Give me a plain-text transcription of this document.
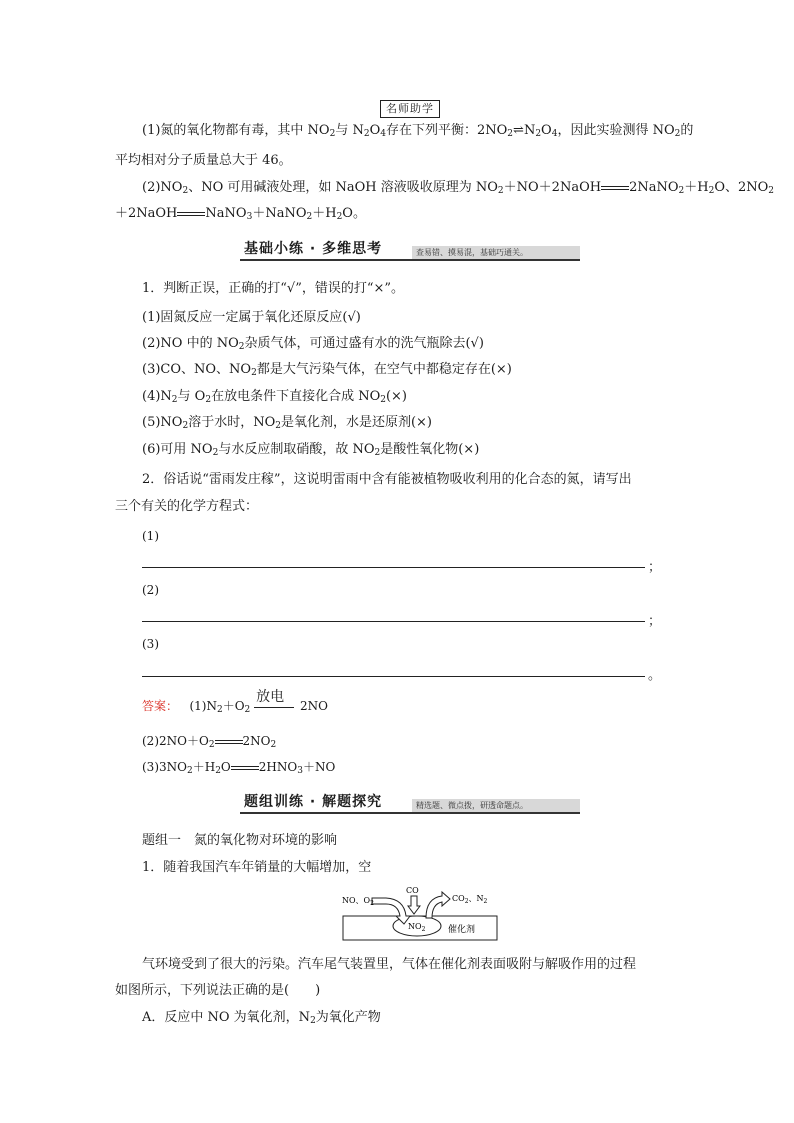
名师助学
(1)氮的氧化物都有毒，其中 $NO_2$与 $N_2O_4$存在下列平衡：$2NO_2\rightleftharpoons N_2O_4$，因此实验测得 $NO_2$的
平均相对分子质量总大于 46。
$(2)NO_2$、NO 可用碱液处理，如 NaOH 溶液吸收原理为 $NO_2+NO+2NaOH$ $2NaNO_2+H_2O$、$2NO_2$
＋2NaOH $NaNO_3+NaNO_2+H_2O$。
基础小练 · 多维思考	查易错、摸易混，基础巧通关。
1．判断正误，正确的打“√”，错误的打“×”。
(1)固氮反应一定属于氧化还原反应(√)
(2)NO 中的 $NO_2$杂质气体，可通过盛有水的洗气瓶除去(√)
(3)CO、NO、$NO_2$都是大气污染气体，在空气中都稳定存在(×)
$(4)N_2$与 $O_2$在放电条件下直接化合成 $NO_2(\times)$
$(5)NO_2$溶于水时，$NO_2$是氧化剂，水是还原剂(×)
(6)可用 $NO_2$与水反应制取硝酸，故 $NO_2$是酸性氧化物(×)
2．俗话说“雷雨发庄稼”，这说明雷雨中含有能被植物吸收利用的化合态的氮，请写出
三个有关的化学方程式：
(1)
；
(2)
；
(3)
。
答案： $(1)N_2+O_2$
放电
2NO
$(2)2NO+O_2$ $2NO_2$
$(3)3NO_2+H_2O$ $2HNO_3+NO$
题组训练 · 解题探究	精选题、微点拨，研透命题点。
题组一　氮的氧化物对环境的影响
1．随着我国汽车年销量的大幅增加，空
NO、$O_2$
CO
$CO_2$、$N_2$
$NO_2$	催化剂
气环境受到了很大的污染。汽车尾气装置里，气体在催化剂表面吸附与解吸作用的过程
如图所示，下列说法正确的是(　　)
A．反应中 NO 为氧化剂，$N_2$为氧化产物
